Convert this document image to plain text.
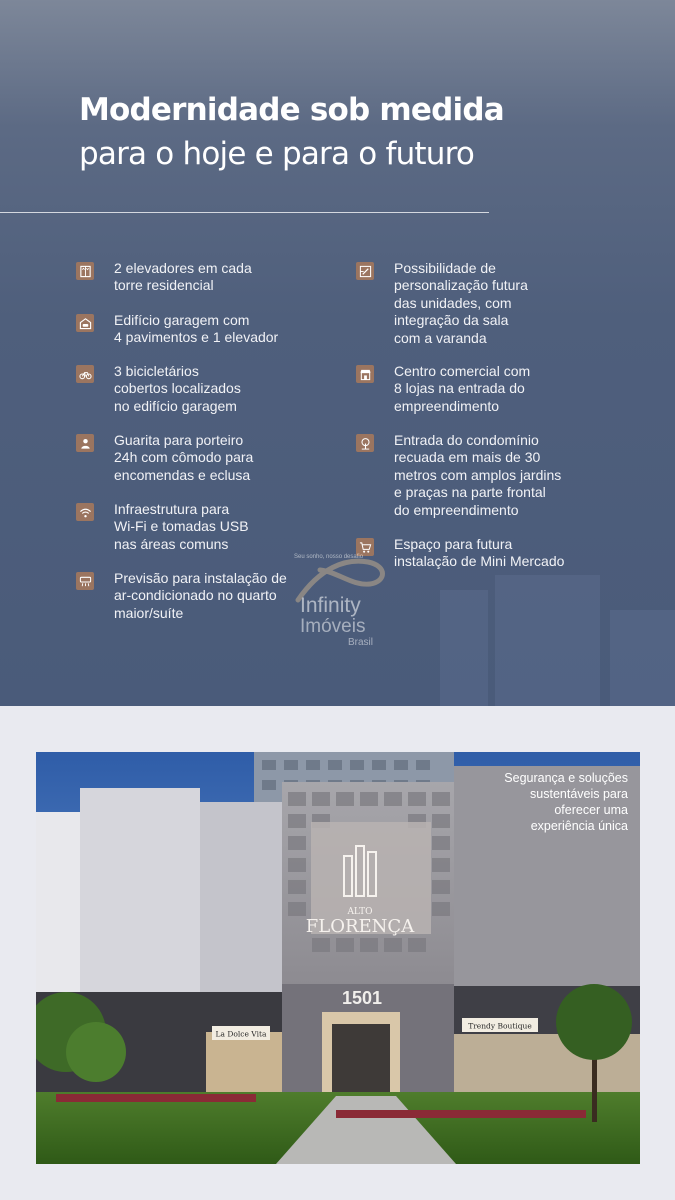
Modernidade sob medida
para o hoje e para o futuro
2 elevadores em cada
torre residencial
Edifício garagem com
4 pavimentos e 1 elevador
3 bicicletários
cobertos localizados
no edifício garagem
Guarita para porteiro
24h com cômodo para
encomendas e eclusa
Infraestrutura para
Wi-Fi e tomadas USB
nas áreas comuns
Previsão para instalação de
ar-condicionado no quarto
maior/suíte
Possibilidade de
personalização futura
das unidades, com
integração da sala
com a varanda
Centro comercial com
8 lojas na entrada do
empreendimento
Entrada do condomínio
recuada em mais de 30
metros com amplos jardins
e praças na parte frontal
do empreendimento
Espaço para futura
instalação de Mini Mercado
Seu sonho, nosso desafio
Infinity
Imóveis
Brasil
ALTO
FLORENÇA
1501
La Dolce Vita
Trendy Boutique
Segurança e soluções
sustentáveis para
oferecer uma
experiência única
